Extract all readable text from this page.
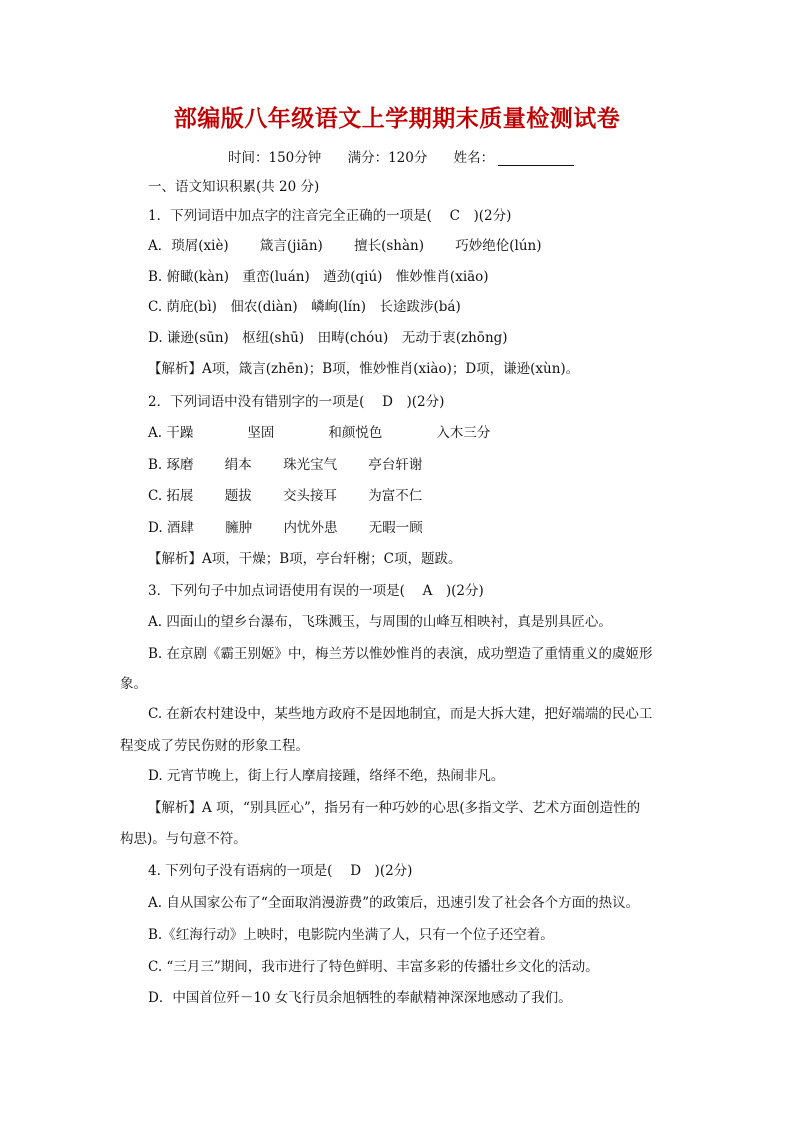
部编版八年级语文上学期期末质量检测试卷
时间：150分钟 满分：120分 姓名：
一、语文知识积累(共 20 分)
1．下列词语中加点字的注音完全正确的一项是(　 C　)(2分)
A．琐屑(xiè)　　 箴言(jiān)　　 擅长(shàn)　　 巧妙绝伦(lún)
B. 俯瞰(kàn)　重峦(luán)　遒劲(qiú)　惟妙惟肖(xiāo)
C. 荫庇(bì)　佃农(diàn)　嶙峋(lín)　长途跋涉(bá)
D. 谦逊(sūn)　枢纽(shū)　田畴(chóu)　无动于衷(zhōng)
【解析】A项，箴言(zhēn)；B项，惟妙惟肖(xiào)；D项，谦逊(xùn)。
2．下列词语中没有错别字的一项是(　 D　)(2分)
A. 干躁　　　　坚固　　　　和颜悦色　　　　入木三分
B. 琢磨　　 绢本　　 珠光宝气　　 亭台轩谢
C. 拓展　　 题拔　　 交头接耳　　 为富不仁
D. 酒肆　　 臃肿　　 内忧外患　　 无暇一顾
【解析】A项，干燥；B项，亭台轩榭；C项，题跋。
3．下列句子中加点词语使用有误的一项是(　 A　)(2分)
A. 四面山的望乡台瀑布，飞珠溅玉，与周围的山峰互相映衬，真是别具匠心。
B. 在京剧《霸王别姬》中，梅兰芳以惟妙惟肖的表演，成功塑造了重情重义的虞姬形
象。
C. 在新农村建设中，某些地方政府不是因地制宜，而是大拆大建，把好端端的民心工
程变成了劳民伤财的形象工程。
D. 元宵节晚上，街上行人摩肩接踵，络绎不绝，热闹非凡。
【解析】A 项，“别具匠心”，指另有一种巧妙的心思(多指文学、艺术方面创造性的
构思)。与句意不符。
4. 下列句子没有语病的一项是(　 D　)(2分)
A. 自从国家公布了“全面取消漫游费”的政策后，迅速引发了社会各个方面的热议。
B.《红海行动》上映时，电影院内坐满了人，只有一个位子还空着。
C. “三月三”期间，我市进行了特色鲜明、丰富多彩的传播壮乡文化的活动。
D．中国首位歼－10 女飞行员余旭牺牲的奉献精神深深地感动了我们。
